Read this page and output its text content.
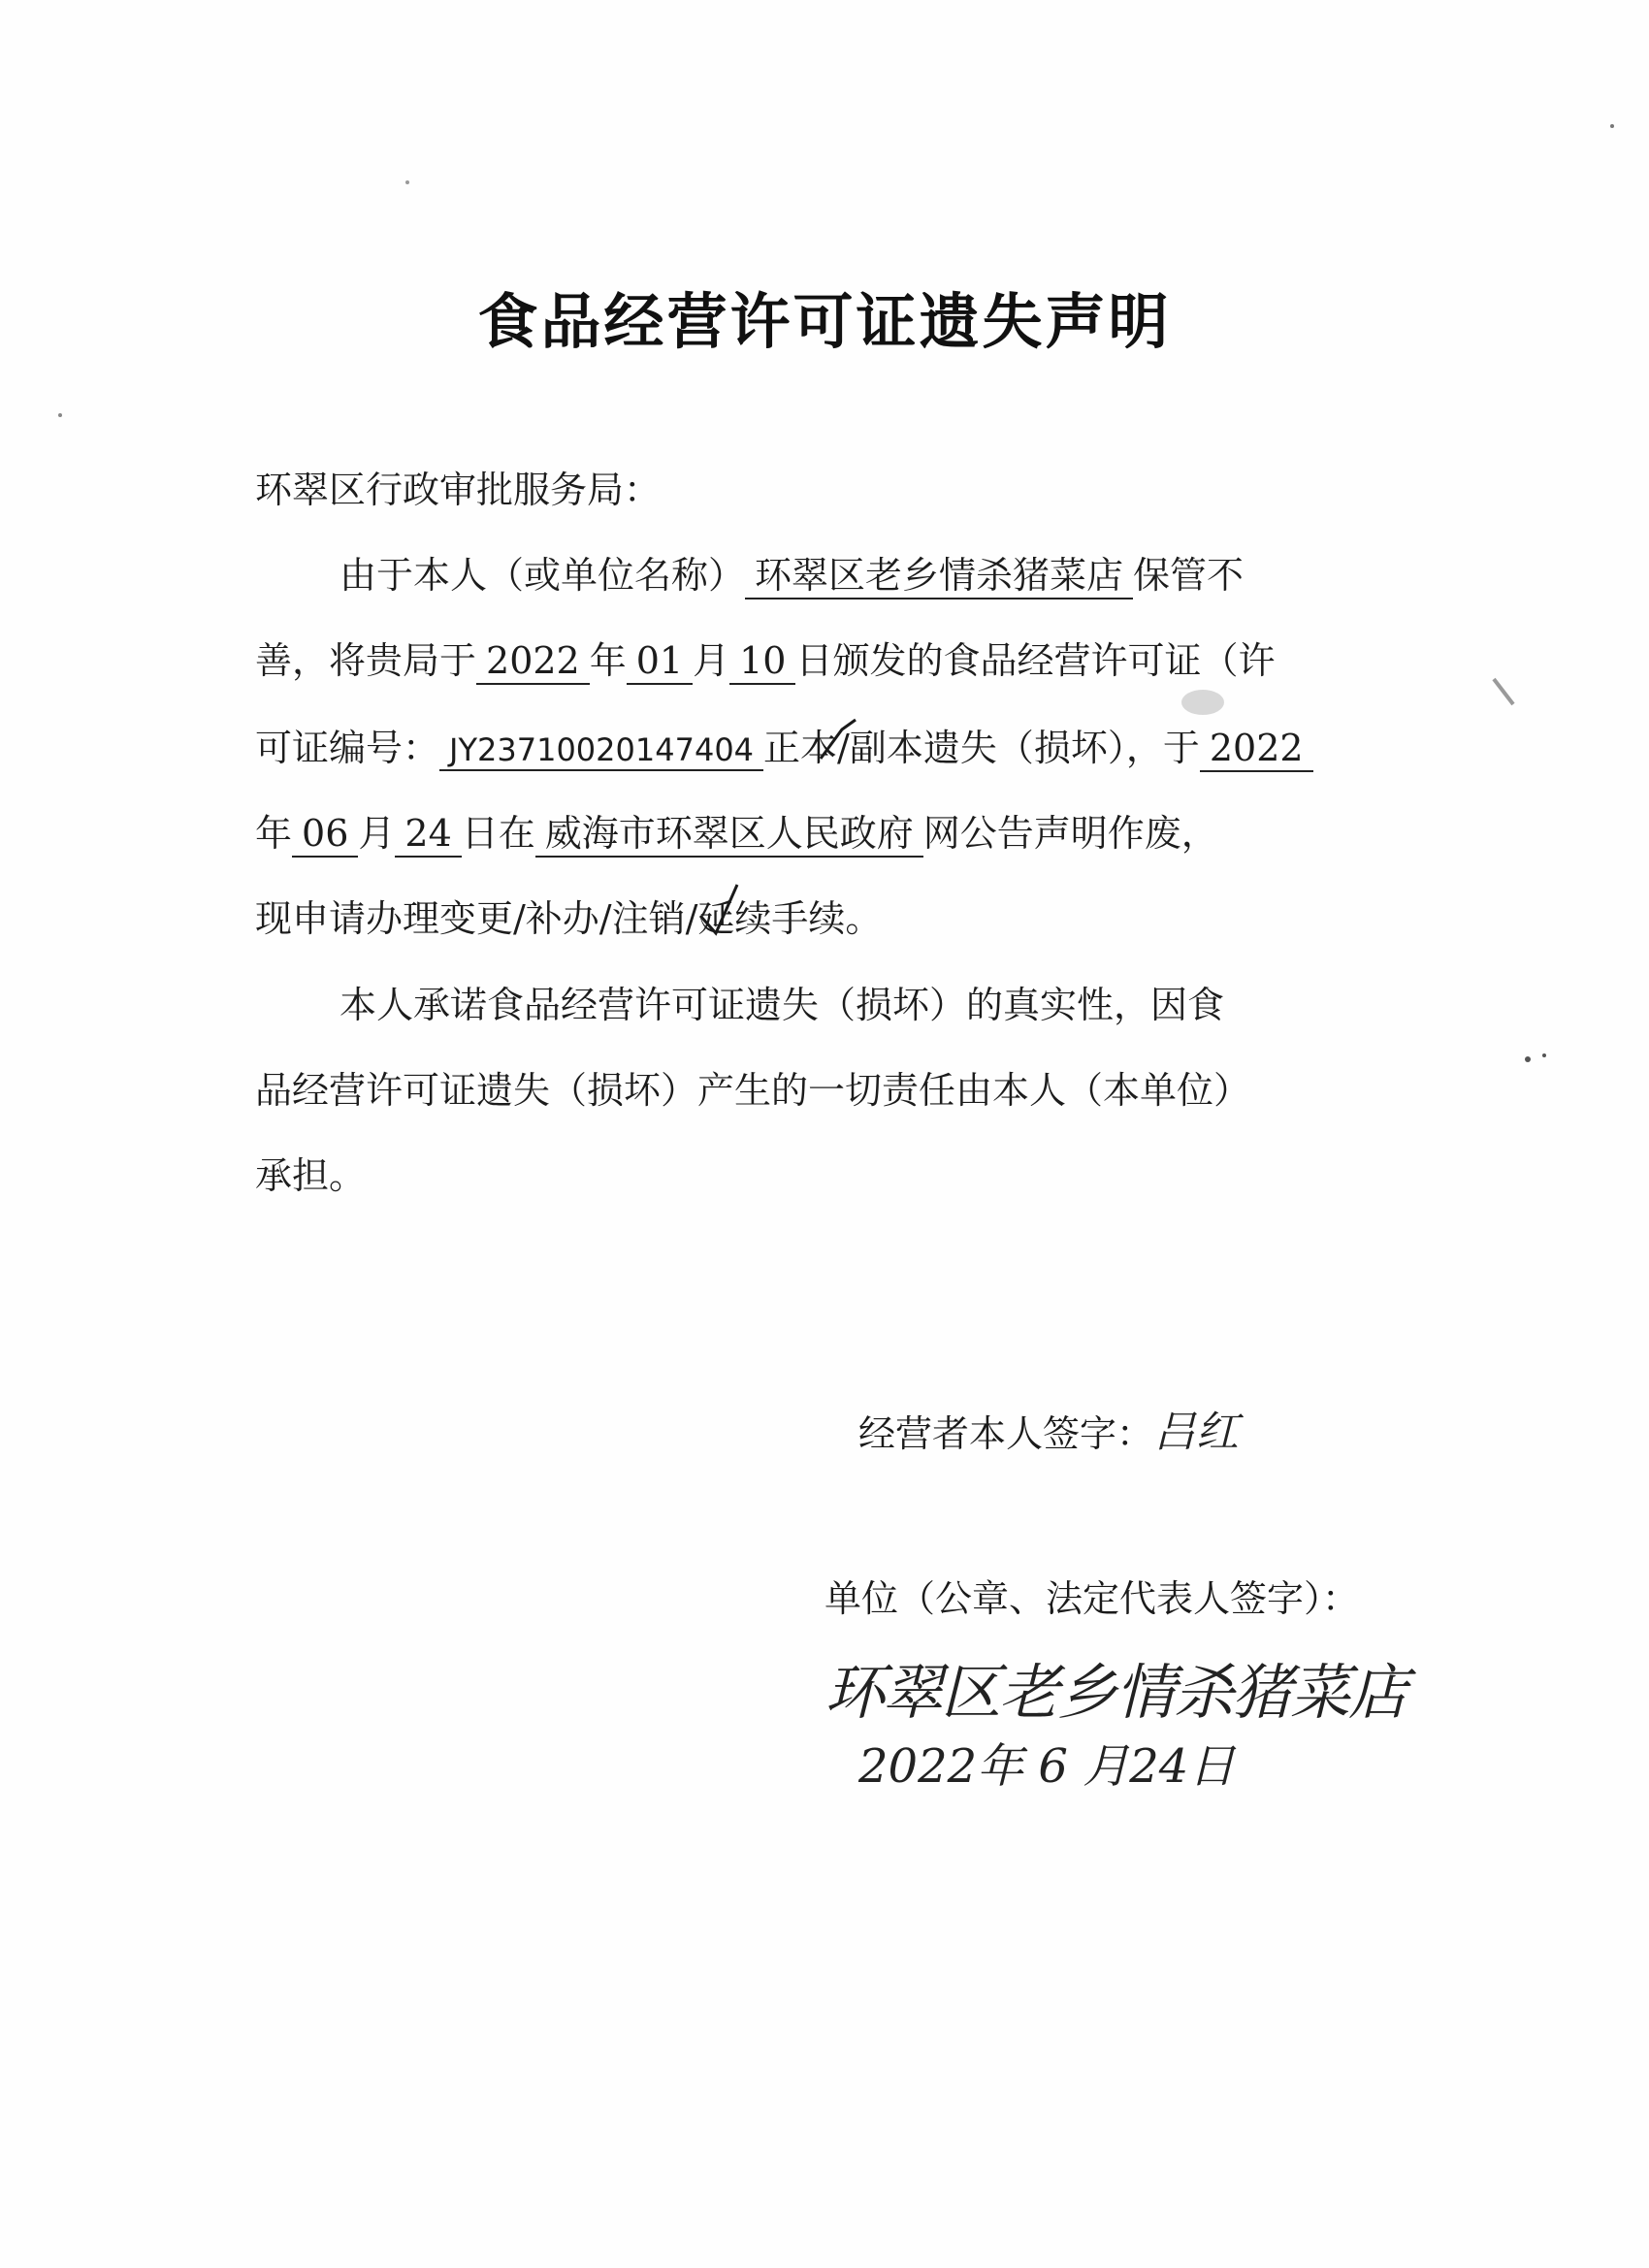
食品经营许可证遗失声明
环翠区行政审批服务局：
由于本人（或单位名称） 环翠区老乡情杀猪菜店 保管不
善，将贵局于 2022 年 01 月 10 日颁发的食品经营许可证（许
可证编号： JY23710020147404 正本/副本遗失（损坏），于 2022
年 06 月 24 日在 威海市环翠区人民政府 网公告声明作废，
现申请办理变更/补办/注销/延续手续。
本人承诺食品经营许可证遗失（损坏）的真实性，因食
品经营许可证遗失（损坏）产生的一切责任由本人（本单位）
承担。
经营者本人签字：吕红
单位（公章、法定代表人签字）：
环翠区老乡情杀猪菜店
2022年 6 月24日
